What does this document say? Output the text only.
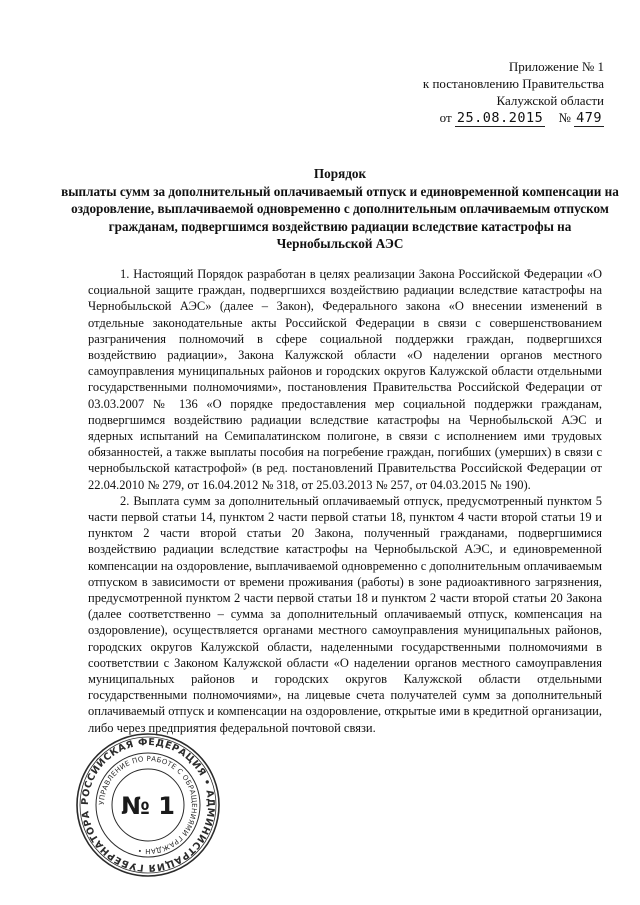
Приложение № 1
к постановлению Правительства
Калужской области
от 25.08.2015 № 479
Порядок
выплаты сумм за дополнительный оплачиваемый отпуск и единовременной компенсации на оздоровление, выплачиваемой одновременно с дополнительным оплачиваемым отпуском гражданам, подвергшимся воздействию радиации вследствие катастрофы на Чернобыльской АЭС

1. Настоящий Порядок разработан в целях реализации Закона Российской Федерации «О социальной защите граждан, подвергшихся воздействию радиации вследствие катастрофы на Чернобыльской АЭС» (далее – Закон), Федерального закона «О внесении изменений в отдельные законодательные акты Российской Федерации в связи с совершенствованием разграничения полномочий в сфере социальной поддержки граждан, подвергшихся воздействию радиации», Закона Калужской области «О наделении органов местного самоуправления муниципальных районов и городских округов Калужской области отдельными государственными полномочиями», постановления Правительства Российской Федерации от 03.03.2007 № 136 «О порядке предоставления мер социальной поддержки гражданам, подвергшимся воздействию радиации вследствие катастрофы на Чернобыльской АЭС и ядерных испытаний на Семипалатинском полигоне, в связи с исполнением ими трудовых обязанностей, а также выплаты пособия на погребение граждан, погибших (умерших) в связи с чернобыльской катастрофой» (в ред. постановлений Правительства Российской Федерации от 22.04.2010 № 279, от 16.04.2012 № 318, от 25.03.2013 № 257, от 04.03.2015 № 190).

2. Выплата сумм за дополнительный оплачиваемый отпуск, предусмотренный пунктом 5 части первой статьи 14, пунктом 2 части первой статьи 18, пунктом 4 части второй статьи 19 и пунктом 2 части второй статьи 20 Закона, полученный гражданами, подвергшимися воздействию радиации вследствие катастрофы на Чернобыльской АЭС, и единовременной компенсации на оздоровление, выплачиваемой одновременно с дополнительным оплачиваемым отпуском в зависимости от времени проживания (работы) в зоне радиоактивного загрязнения, предусмотренной пунктом 2 части первой статьи 18 и пунктом 2 части второй статьи 20 Закона (далее соответственно – сумма за дополнительный оплачиваемый отпуск, компенсация на оздоровление), осуществляется органами местного самоуправления муниципальных районов, городских округов Калужской области, наделенными государственными полномочиями в соответствии с Законом Калужской области «О наделении органов местного самоуправления муниципальных районов и городских округов Калужской области отдельными государственными полномочиями», на лицевые счета получателей сумм за дополнительный оплачиваемый отпуск и компенсации на оздоровление, открытые ими в кредитной организации, либо через предприятия федеральной почтовой связи.

РОССИЙСКАЯ ФЕДЕРАЦИЯ • АДМИНИСТРАЦИЯ ГУБЕРНАТОРА
УПРАВЛЕНИЕ ПО РАБОТЕ С ОБРАЩЕНИЯМИ ГРАЖДАН •
№ 1
